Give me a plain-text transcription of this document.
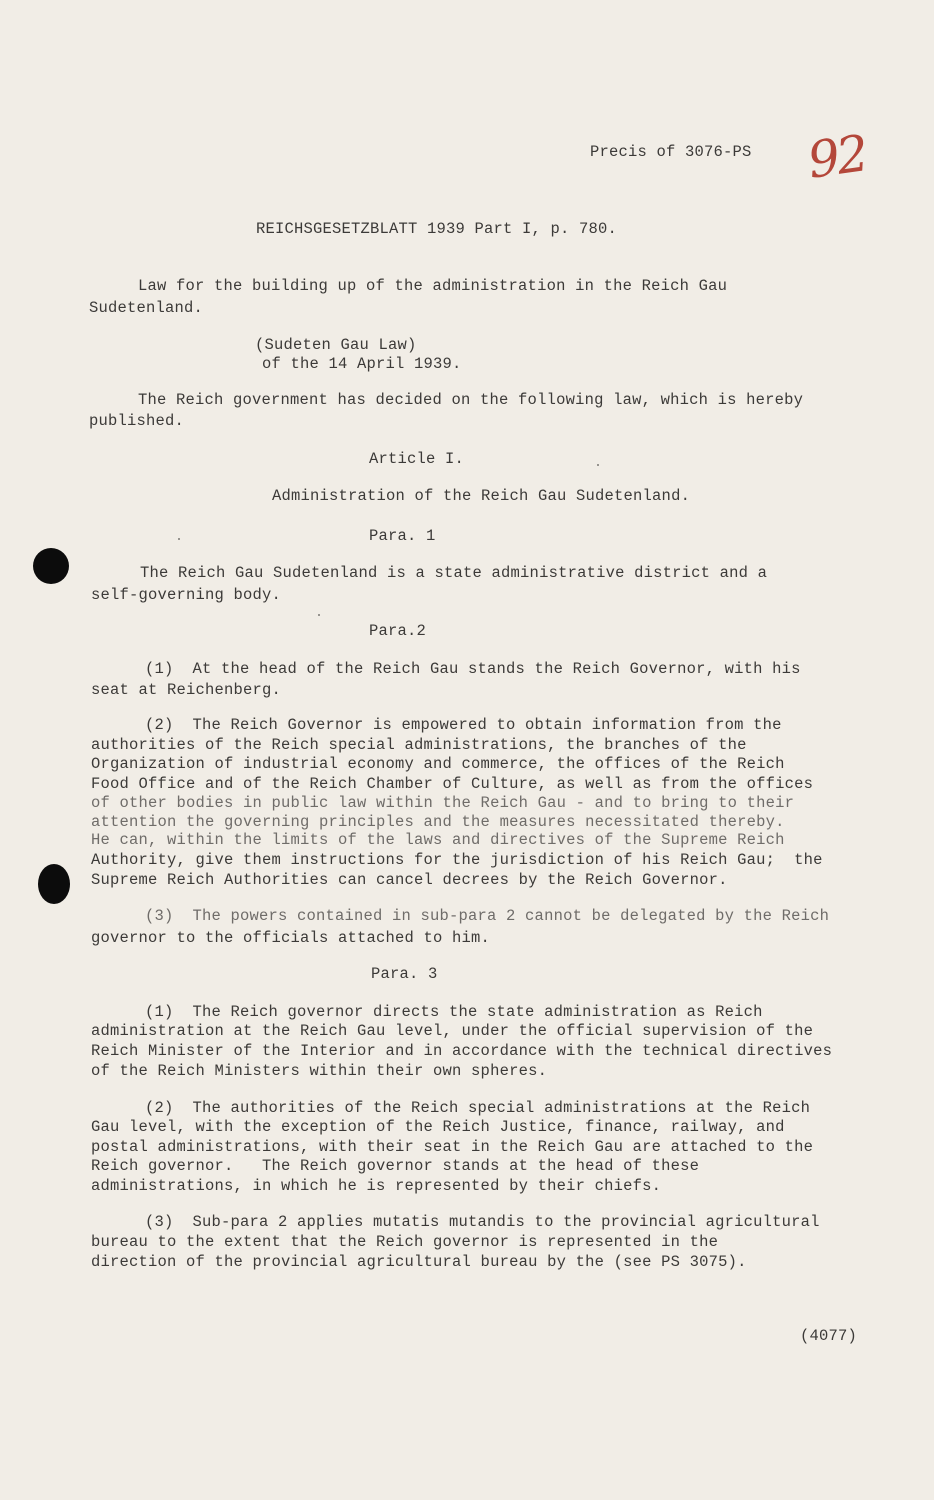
Precis of 3076-PS 92
REICHSGESETZBLATT 1939 Part I, p. 780.
Law for the building up of the administration in the Reich Gau
Sudetenland.
(Sudeten Gau Law)
of the 14 April 1939.
The Reich government has decided on the following law, which is hereby
published.
Article I.
Administration of the Reich Gau Sudetenland.
Para. 1
The Reich Gau Sudetenland is a state administrative district and a
self-governing body.
Para.2
(1)  At the head of the Reich Gau stands the Reich Governor, with his
seat at Reichenberg.
(2)  The Reich Governor is empowered to obtain information from the
authorities of the Reich special administrations, the branches of the
Organization of industrial economy and commerce, the offices of the Reich
Food Office and of the Reich Chamber of Culture, as well as from the offices
of other bodies in public law within the Reich Gau - and to bring to their
attention the governing principles and the measures necessitated thereby.
He can, within the limits of the laws and directives of the Supreme Reich
Authority, give them instructions for the jurisdiction of his Reich Gau;  the
Supreme Reich Authorities can cancel decrees by the Reich Governor.
(3)  The powers contained in sub-para 2 cannot be delegated by the Reich
governor to the officials attached to him.
Para. 3
(1)  The Reich governor directs the state administration as Reich
administration at the Reich Gau level, under the official supervision of the
Reich Minister of the Interior and in accordance with the technical directives
of the Reich Ministers within their own spheres.
(2)  The authorities of the Reich special administrations at the Reich
Gau level, with the exception of the Reich Justice, finance, railway, and
postal administrations, with their seat in the Reich Gau are attached to the
Reich governor.   The Reich governor stands at the head of these
administrations, in which he is represented by their chiefs.
(3)  Sub-para 2 applies mutatis mutandis to the provincial agricultural
bureau to the extent that the Reich governor is represented in the
direction of the provincial agricultural bureau by the (see PS 3075).
(4077)
